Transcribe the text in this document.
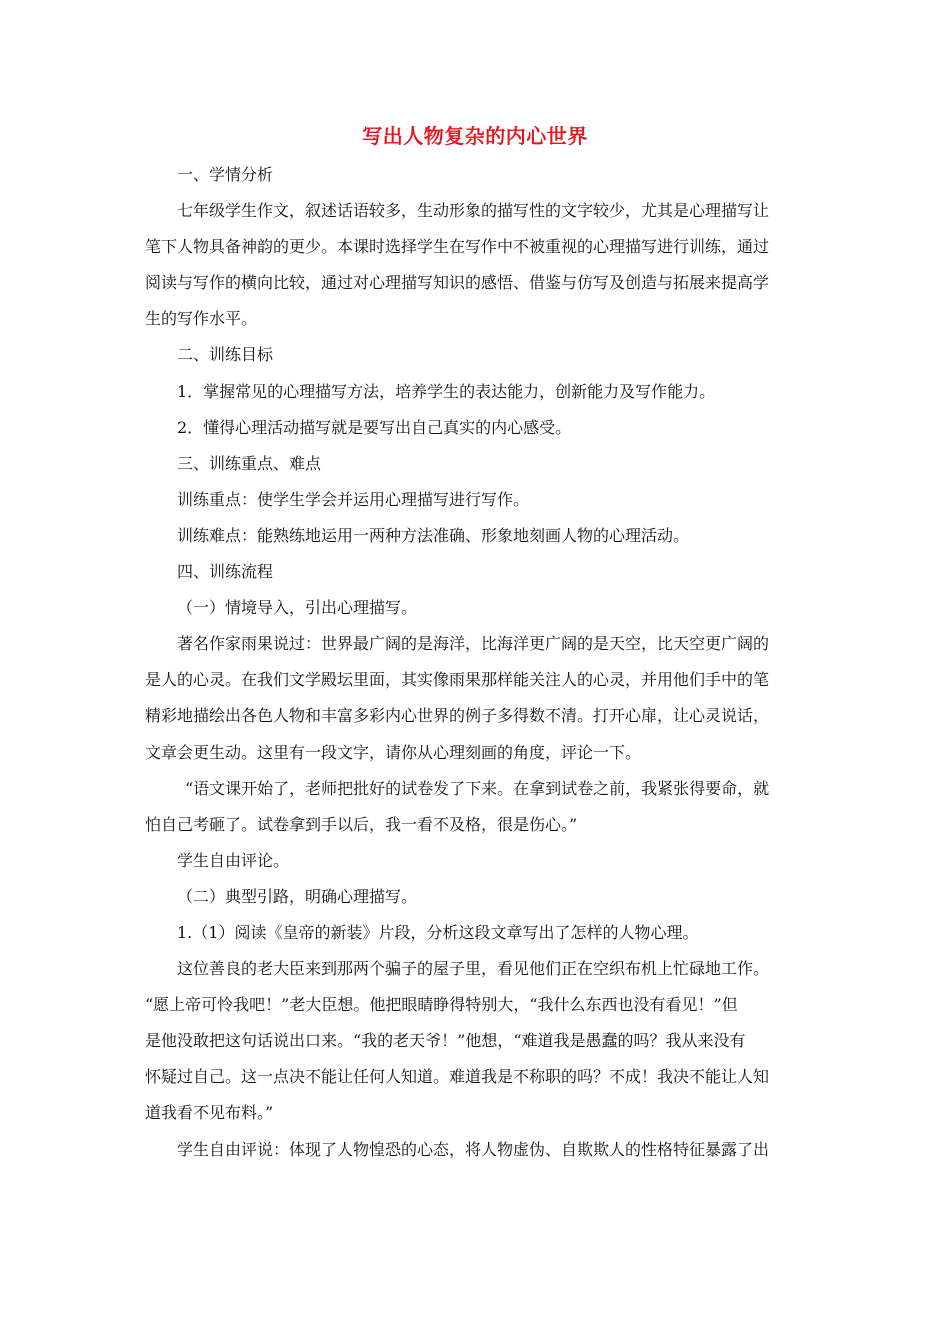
写出人物复杂的内心世界
一、学情分析
七年级学生作文，叙述话语较多，生动形象的描写性的文字较少，尤其是心理描写让
笔下人物具备神韵的更少。本课时选择学生在写作中不被重视的心理描写进行训练，通过
阅读与写作的横向比较，通过对心理描写知识的感悟、借鉴与仿写及创造与拓展来提高学
生的写作水平。
二、训练目标
1．掌握常见的心理描写方法，培养学生的表达能力，创新能力及写作能力。
2．懂得心理活动描写就是要写出自己真实的内心感受。
三、训练重点、难点
训练重点：使学生学会并运用心理描写进行写作。
训练难点：能熟练地运用一两种方法准确、形象地刻画人物的心理活动。
四、训练流程
（一）情境导入，引出心理描写。
著名作家雨果说过：世界最广阔的是海洋，比海洋更广阔的是天空，比天空更广阔的
是人的心灵。在我们文学殿坛里面，其实像雨果那样能关注人的心灵，并用他们手中的笔
精彩地描绘出各色人物和丰富多彩内心世界的例子多得数不清。打开心扉，让心灵说话，
文章会更生动。这里有一段文字，请你从心理刻画的角度，评论一下。
“语文课开始了，老师把批好的试卷发了下来。在拿到试卷之前，我紧张得要命，就
怕自己考砸了。试卷拿到手以后，我一看不及格，很是伤心。”
学生自由评论。
（二）典型引路，明确心理描写。
1.（1）阅读《皇帝的新装》片段，分析这段文章写出了怎样的人物心理。
这位善良的老大臣来到那两个骗子的屋子里，看见他们正在空织布机上忙碌地工作。
“愿上帝可怜我吧！”老大臣想。他把眼睛睁得特别大，“我什么东西也没有看见！”但
是他没敢把这句话说出口来。“我的老天爷！”他想，“难道我是愚蠢的吗？我从来没有
怀疑过自己。这一点决不能让任何人知道。难道我是不称职的吗？不成！我决不能让人知
道我看不见布料。”
学生自由评说：体现了人物惶恐的心态，将人物虚伪、自欺欺人的性格特征暴露了出
